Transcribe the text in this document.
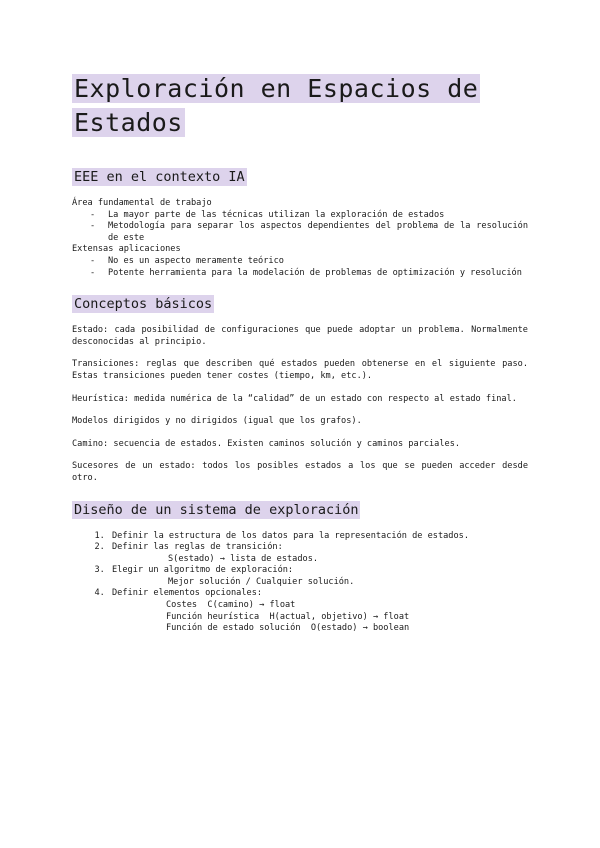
Exploración en Espacios de Estados
EEE en el contexto IA
Área fundamental de trabajo
- La mayor parte de las técnicas utilizan la exploración de estados
- Metodología para separar los aspectos dependientes del problema de la resolución de este
Extensas aplicaciones
- No es un aspecto meramente teórico
- Potente herramienta para la modelación de problemas de optimización y resolución
Conceptos básicos

Estado: cada posibilidad de configuraciones que puede adoptar un problema. Normalmente desconocidas al principio.

Transiciones: reglas que describen qué estados pueden obtenerse en el siguiente paso. Estas transiciones pueden tener costes (tiempo, km, etc.).

Heurística: medida numérica de la “calidad” de un estado con respecto al estado final.

Modelos dirigidos y no dirigidos (igual que los grafos).

Camino: secuencia de estados. Existen caminos solución y caminos parciales.

Sucesores de un estado: todos los posibles estados a los que se pueden acceder desde otro.

Diseño de un sistema de exploración
1. Definir la estructura de los datos para la representación de estados.
2. Definir las reglas de transición:
S(estado) → lista de estados.
3. Elegir un algoritmo de exploración:
Mejor solución / Cualquier solución.
4. Definir elementos opcionales:
Costes  C(camino) → float
Función heurística  H(actual, objetivo) → float
Función de estado solución  O(estado) → boolean
